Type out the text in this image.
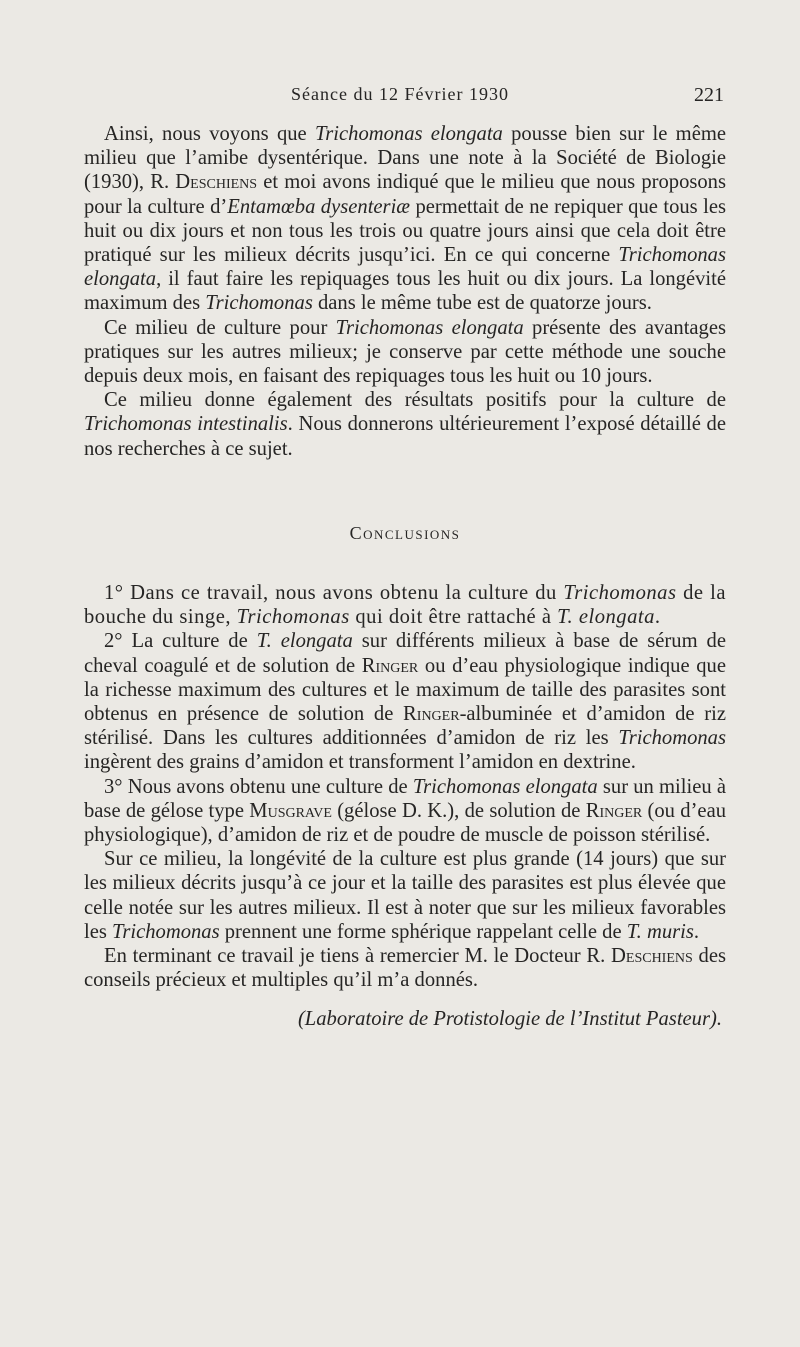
Séance du 12 Février 1930	221

Ainsi, nous voyons que Trichomonas elongata pousse bien sur le même milieu que l’amibe dysentérique. Dans une note à la Société de Biologie (1930), R. Deschiens et moi avons indiqué que le milieu que nous proposons pour la culture d’Entamœba dysenteriæ permettait de ne repiquer que tous les huit ou dix jours et non tous les trois ou quatre jours ainsi que cela doit être pratiqué sur les milieux décrits jusqu’ici. En ce qui concerne Trichomonas elongata, il faut faire les repiquages tous les huit ou dix jours. La longévité maximum des Trichomonas dans le même tube est de quatorze jours.

Ce milieu de culture pour Trichomonas elongata présente des avantages pratiques sur les autres milieux; je conserve par cette méthode une souche depuis deux mois, en faisant des repiquages tous les huit ou 10 jours.

Ce milieu donne également des résultats positifs pour la culture de Trichomonas intestinalis. Nous donnerons ultérieurement l’exposé détaillé de nos recherches à ce sujet.

Conclusions

1° Dans ce travail, nous avons obtenu la culture du Trichomonas de la bouche du singe, Trichomonas qui doit être rattaché à T. elongata.

2° La culture de T. elongata sur différents milieux à base de sérum de cheval coagulé et de solution de Ringer ou d’eau physiologique indique que la richesse maximum des cultures et le maximum de taille des parasites sont obtenus en présence de solution de Ringer-albuminée et d’amidon de riz stérilisé. Dans les cultures additionnées d’amidon de riz les Trichomonas ingèrent des grains d’amidon et transforment l’amidon en dextrine.

3° Nous avons obtenu une culture de Trichomonas elongata sur un milieu à base de gélose type Musgrave (gélose D. K.), de solution de Ringer (ou d’eau physiologique), d’amidon de riz et de poudre de muscle de poisson stérilisé.

Sur ce milieu, la longévité de la culture est plus grande (14 jours) que sur les milieux décrits jusqu’à ce jour et la taille des parasites est plus élevée que celle notée sur les autres milieux. Il est à noter que sur les milieux favorables les Trichomonas prennent une forme sphérique rappelant celle de T. muris.

En terminant ce travail je tiens à remercier M. le Docteur R. Deschiens des conseils précieux et multiples qu’il m’a donnés.

(Laboratoire de Protistologie de l’Institut Pasteur).
